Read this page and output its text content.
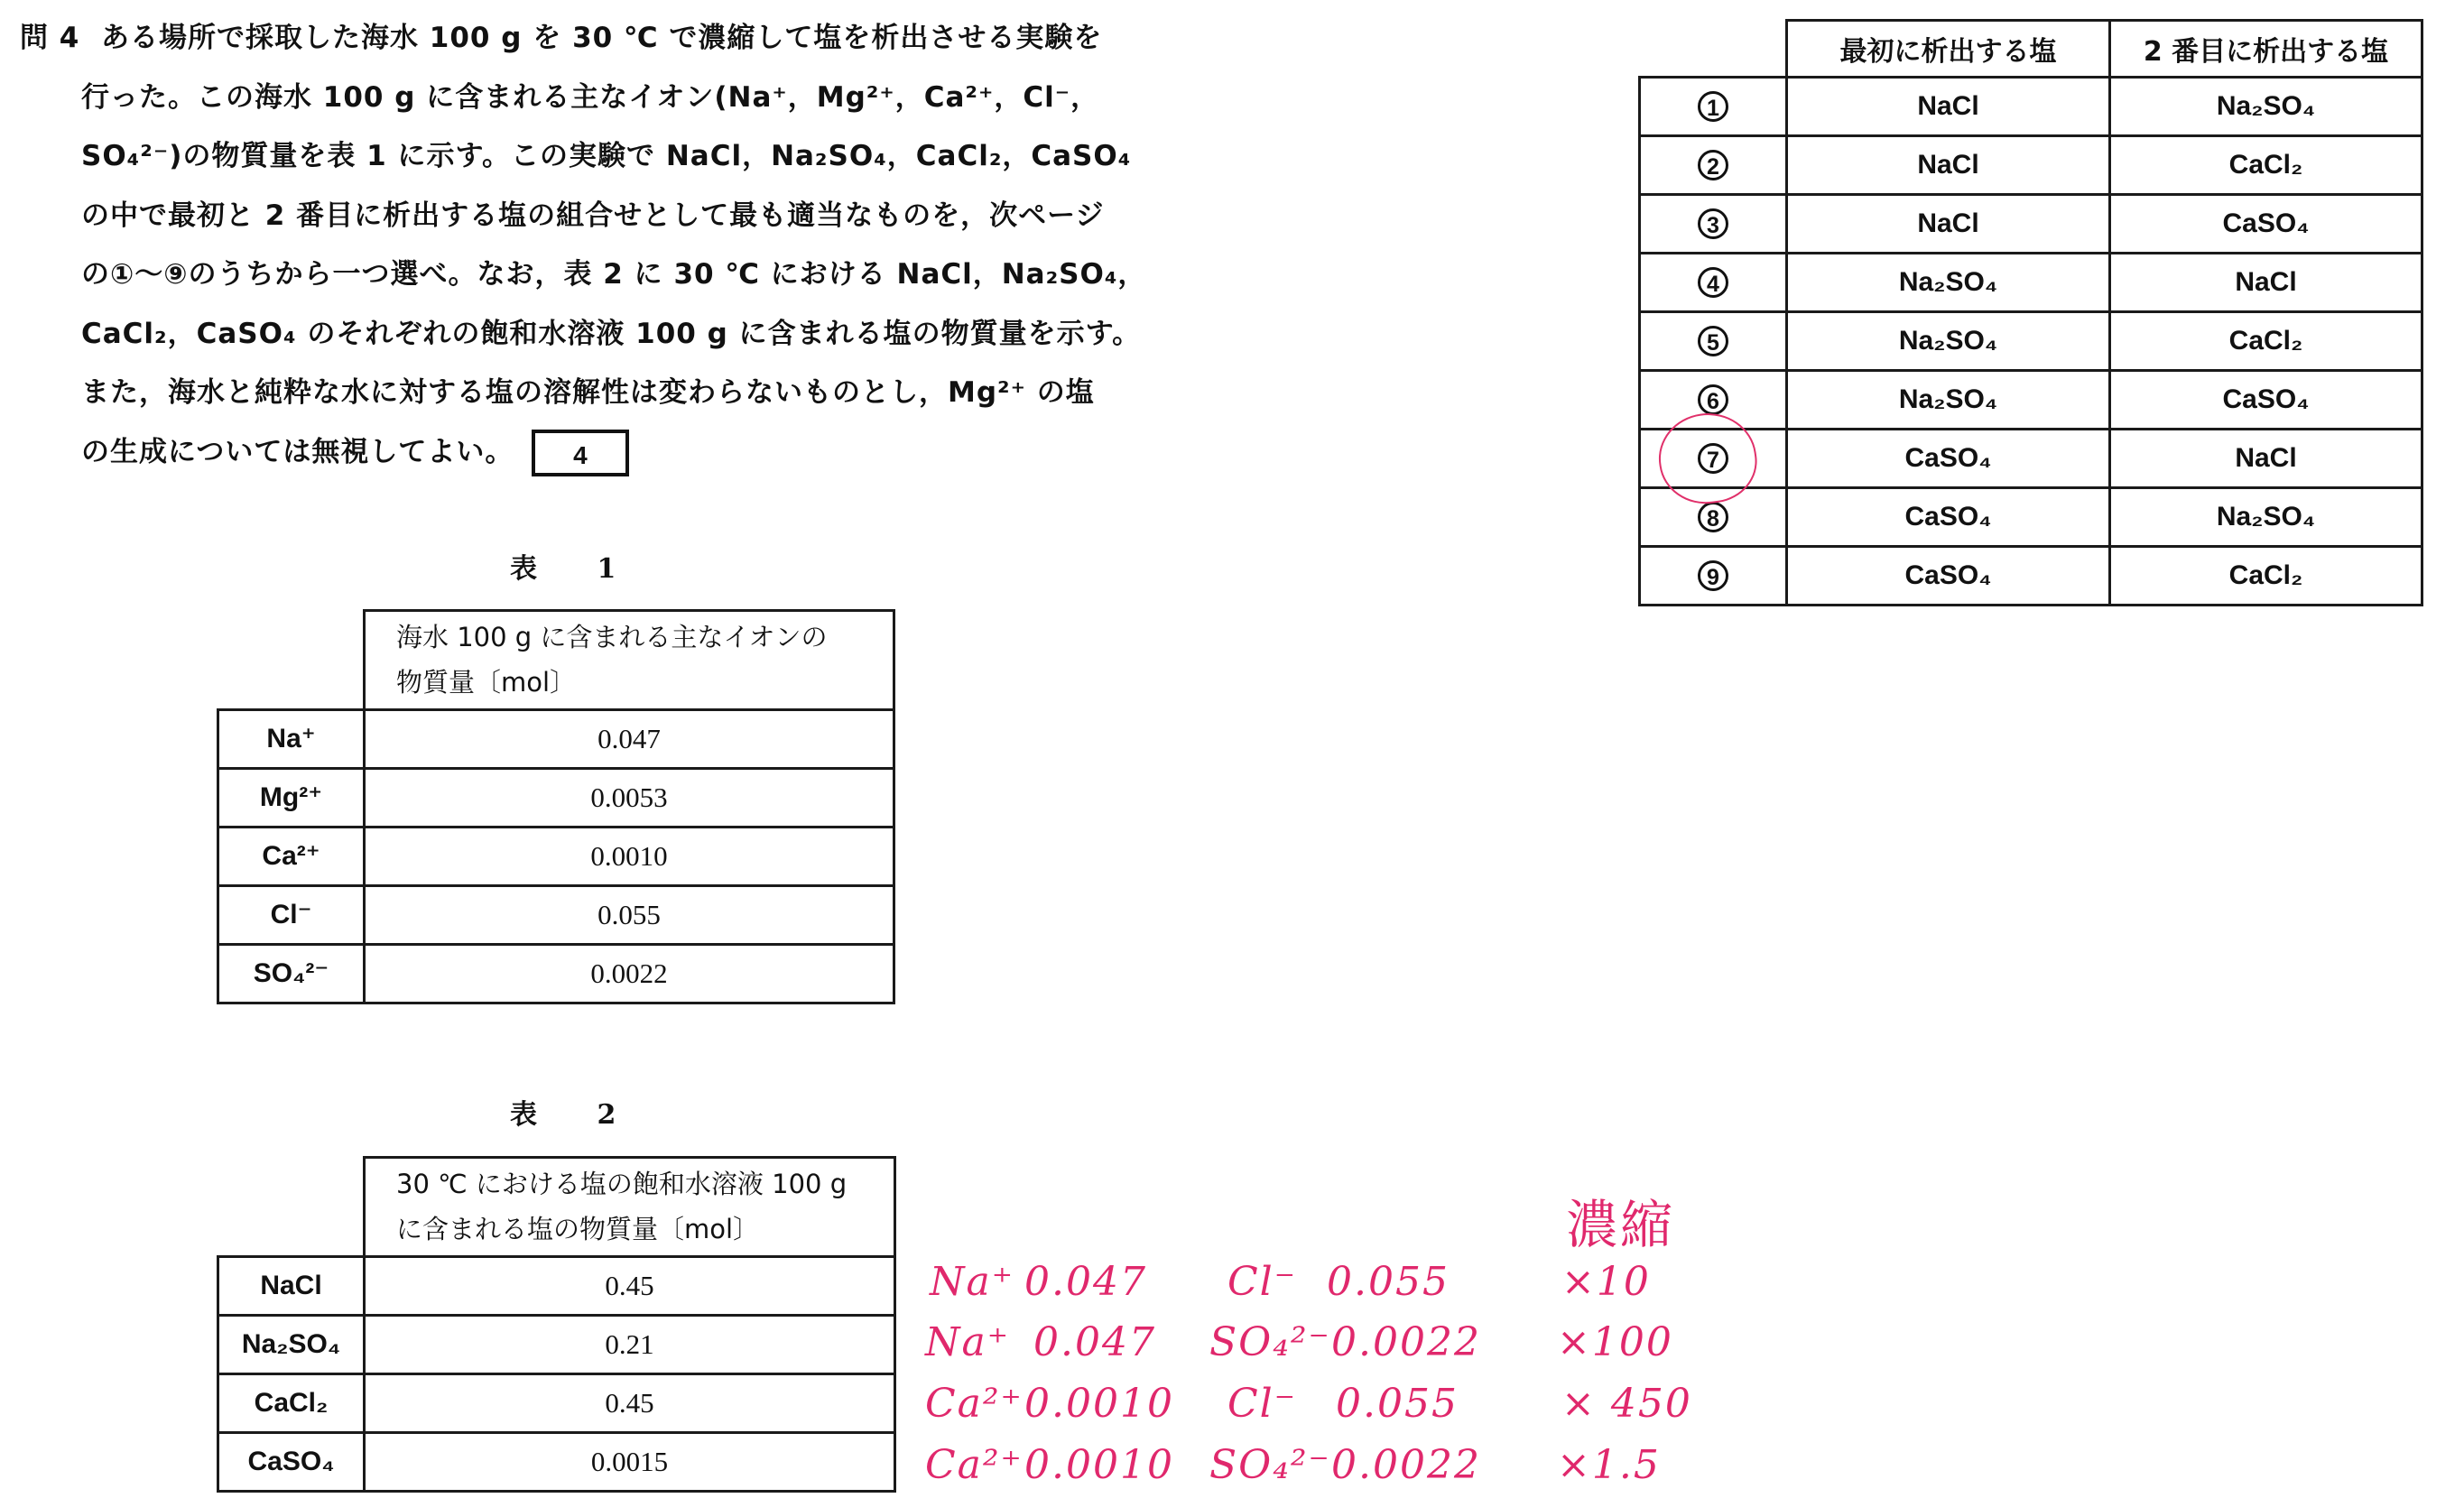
問 4 ある場所で採取した海水 100 g を 30 ℃ で濃縮して塩を析出させる実験を
行った。この海水 100 g に含まれる主なイオン(Na⁺，Mg²⁺，Ca²⁺，Cl⁻，
SO₄²⁻)の物質量を表 1 に示す。この実験で NaCl，Na₂SO₄，CaCl₂，CaSO₄
の中で最初と 2 番目に析出する塩の組合せとして最も適当なものを，次ページ
の①～⑨のうちから一つ選べ。なお，表 2 に 30 ℃ における NaCl，Na₂SO₄，
CaCl₂，CaSO₄ のそれぞれの飽和水溶液 100 g に含まれる塩の物質量を示す。
また，海水と純粋な水に対する塩の溶解性は変わらないものとし，Mg²⁺ の塩
の生成については無視してよい。 4
	最初に析出する塩	2 番目に析出する塩
1	NaCl	Na₂SO₄
2	NaCl	CaCl₂
3	NaCl	CaSO₄
4	Na₂SO₄	NaCl
5	Na₂SO₄	CaCl₂
6	Na₂SO₄	CaSO₄
7	CaSO₄	NaCl
8	CaSO₄	Na₂SO₄
9	CaSO₄	CaCl₂
表 1

	海水 100 g に含まれる主なイオンの
物質量〔mol〕

Na⁺	0.047
Mg²⁺	0.0053
Ca²⁺	0.0010
Cl⁻	0.055
SO₄²⁻	0.0022
表 2

	30 ℃ における塩の飽和水溶液 100 g
に含まれる塩の物質量〔mol〕

NaCl	0.45
Na₂SO₄	0.21
CaCl₂	0.45
CaSO₄	0.0015
濃縮
Na⁺ 0.047 Cl⁻ 0.055	×10
Na⁺ 0.047 SO₄²⁻ 0.0022 ×100
Ca²⁺ 0.0010 Cl⁻ 0.055	× 450
Ca²⁺ 0.0010 SO₄²⁻ 0.0022 ×1.5
